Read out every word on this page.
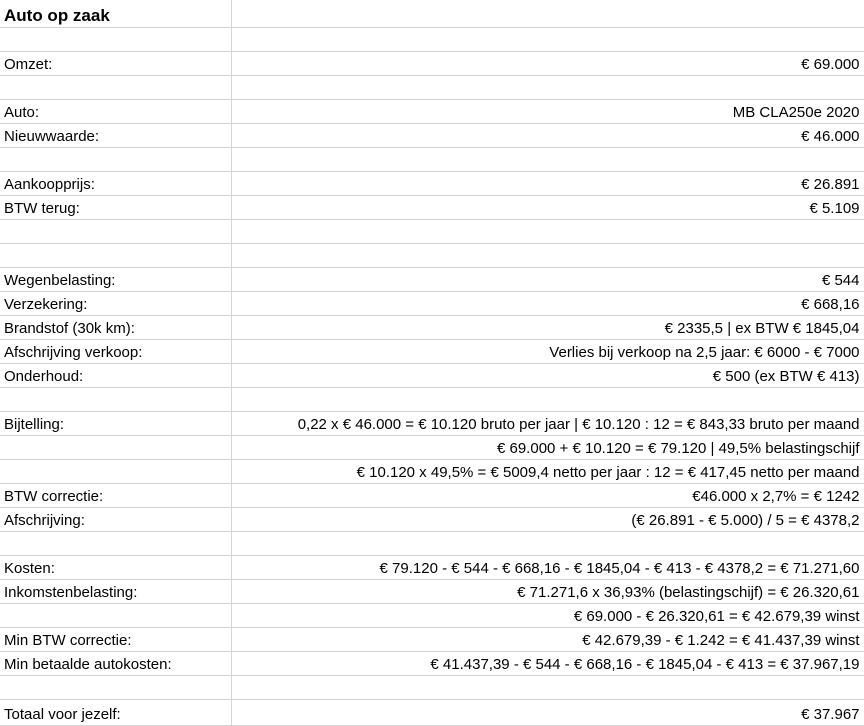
Auto op zaak	

Omzet:	€ 69.000

Auto:	MB CLA250e 2020
Nieuwwaarde:	€ 46.000

Aankoopprijs:	€ 26.891
BTW terug:	€ 5.109

Wegenbelasting:	€ 544
Verzekering:	€ 668,16
Brandstof (30k km):	€ 2335,5 | ex BTW € 1845,04
Afschrijving verkoop:	Verlies bij verkoop na 2,5 jaar: € 6000 - € 7000
Onderhoud:	€ 500 (ex BTW € 413)

Bijtelling:	0,22 x € 46.000 = € 10.120 bruto per jaar | € 10.120 : 12 = € 843,33 bruto per maand
	€ 69.000 + € 10.120 = € 79.120 | 49,5% belastingschijf
	€ 10.120 x 49,5% = € 5009,4 netto per jaar : 12 = € 417,45 netto per maand
BTW correctie:	€46.000 x 2,7% = € 1242
Afschrijving:	(€ 26.891 - € 5.000) / 5 = € 4378,2

Kosten:	€ 79.120 - € 544 - € 668,16 - € 1845,04 - € 413 - € 4378,2 = € 71.271,60
Inkomstenbelasting:	€ 71.271,6 x 36,93% (belastingschijf) = € 26.320,61
	€ 69.000 - € 26.320,61 = € 42.679,39 winst
Min BTW correctie:	€ 42.679,39 - € 1.242 = € 41.437,39 winst
Min betaalde autokosten:	€ 41.437,39 - € 544 - € 668,16 - € 1845,04 - € 413 = € 37.967,19

Totaal voor jezelf:	€ 37.967
